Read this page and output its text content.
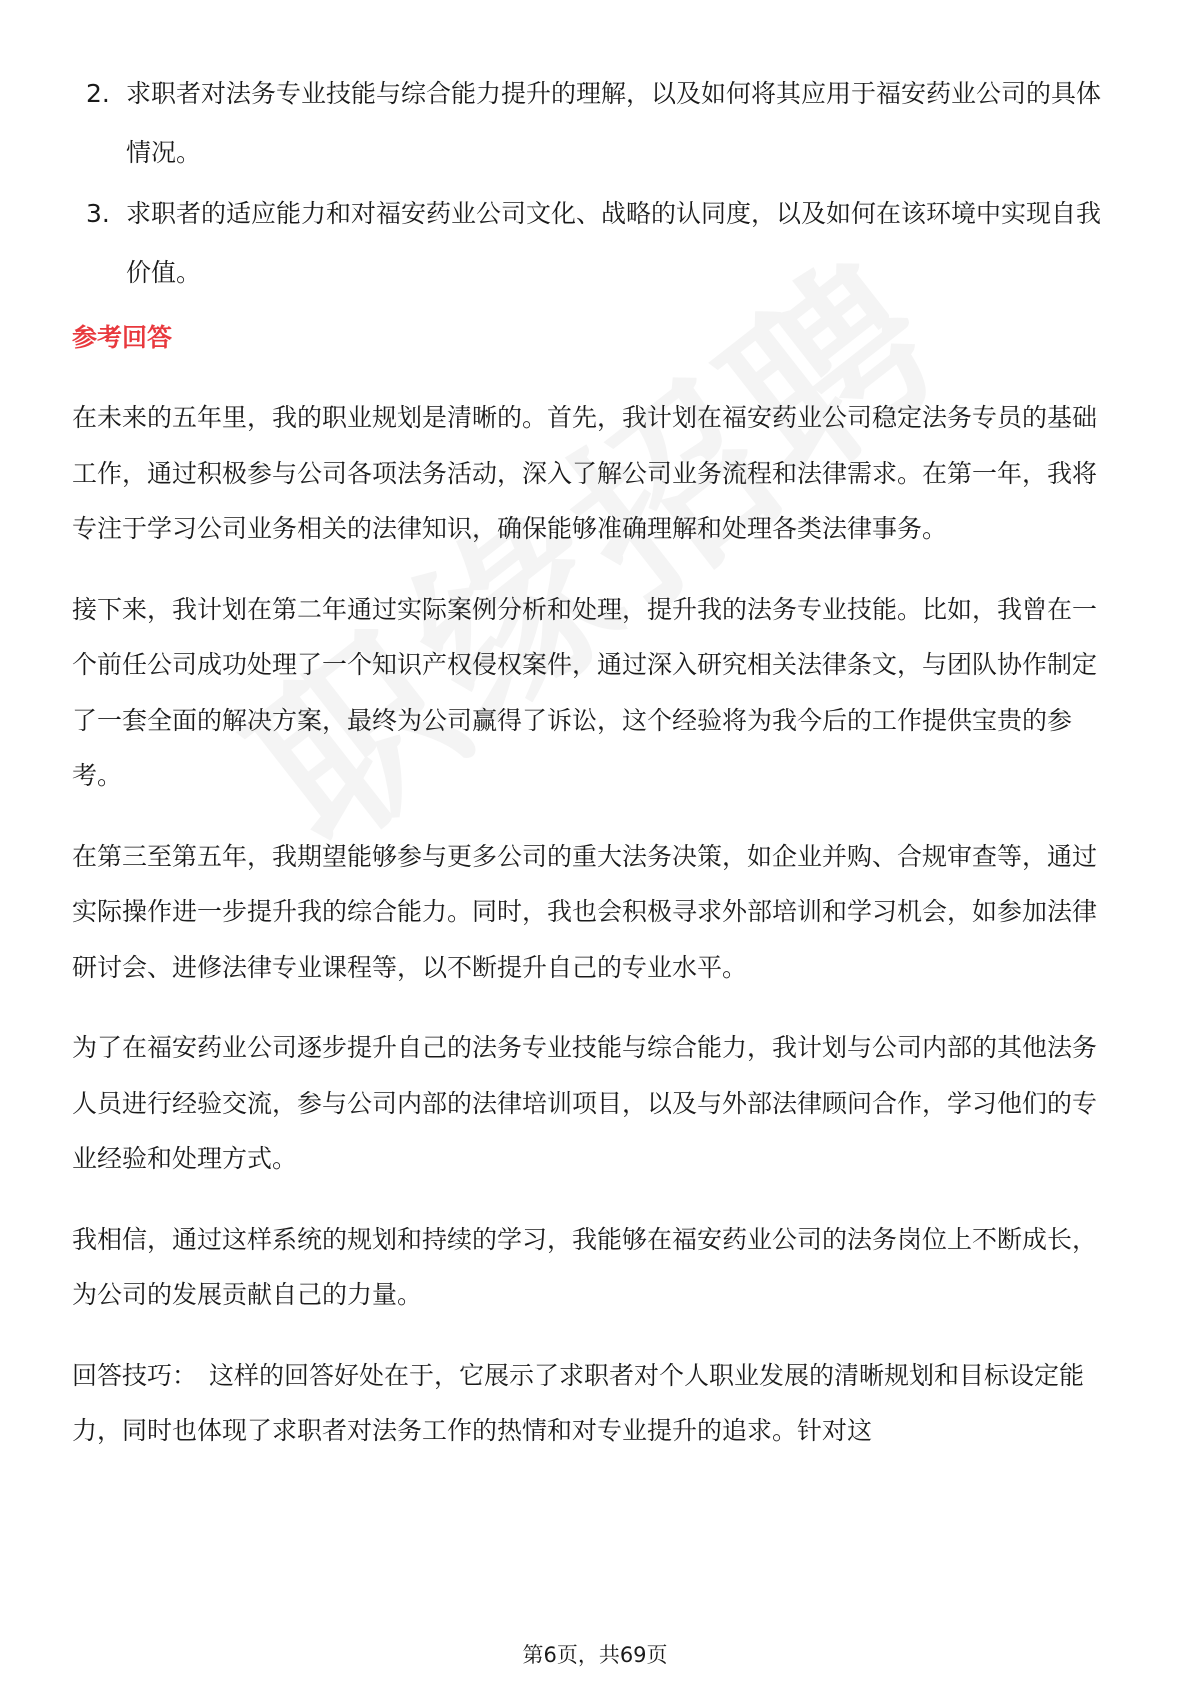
2. 求职者对法务专业技能与综合能力提升的理解，以及如何将其应用于福安药业公司的具体情况。
3. 求职者的适应能力和对福安药业公司文化、战略的认同度，以及如何在该环境中实现自我价值。
参考回答

在未来的五年里，我的职业规划是清晰的。首先，我计划在福安药业公司稳定法务专员的基础工作，通过积极参与公司各项法务活动，深入了解公司业务流程和法律需求。在第一年，我将专注于学习公司业务相关的法律知识，确保能够准确理解和处理各类法律事务。

接下来，我计划在第二年通过实际案例分析和处理，提升我的法务专业技能。比如，我曾在一个前任公司成功处理了一个知识产权侵权案件，通过深入研究相关法律条文，与团队协作制定了一套全面的解决方案，最终为公司赢得了诉讼，这个经验将为我今后的工作提供宝贵的参考。

在第三至第五年，我期望能够参与更多公司的重大法务决策，如企业并购、合规审查等，通过实际操作进一步提升我的综合能力。同时，我也会积极寻求外部培训和学习机会，如参加法律研讨会、进修法律专业课程等，以不断提升自己的专业水平。

为了在福安药业公司逐步提升自己的法务专业技能与综合能力，我计划与公司内部的其他法务人员进行经验交流，参与公司内部的法律培训项目，以及与外部法律顾问合作，学习他们的专业经验和处理方式。

我相信，通过这样系统的规划和持续的学习，我能够在福安药业公司的法务岗位上不断成长，为公司的发展贡献自己的力量。

回答技巧： 这样的回答好处在于，它展示了求职者对个人职业发展的清晰规划和目标设定能力，同时也体现了求职者对法务工作的热情和对专业提升的追求。针对这

第6页，共69页
